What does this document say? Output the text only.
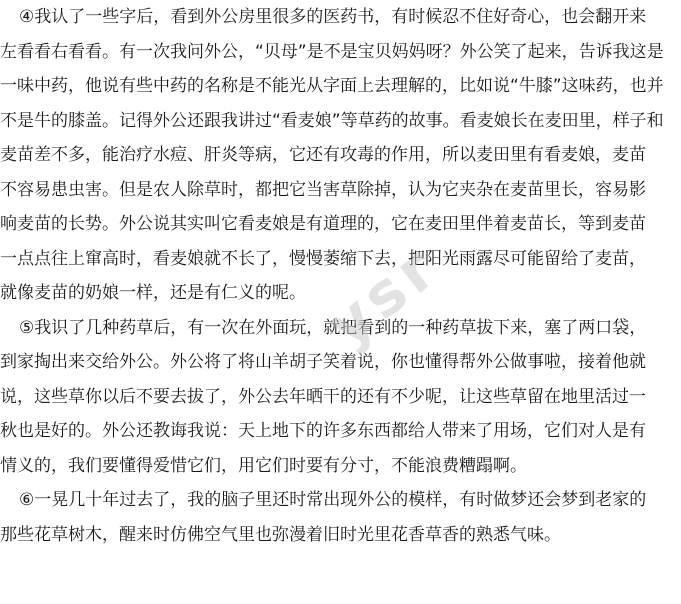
④我认了一些字后，看到外公房里很多的医药书，有时候忍不住好奇心，也会翻开来
左看看右看看。有一次我问外公，“贝母”是不是宝贝妈妈呀？外公笑了起来，告诉我这是
一味中药，他说有些中药的名称是不能光从字面上去理解的，比如说“牛膝”这味药，也并
不是牛的膝盖。记得外公还跟我讲过“看麦娘”等草药的故事。看麦娘长在麦田里，样子和
麦苗差不多，能治疗水痘、肝炎等病，它还有攻毒的作用，所以麦田里有看麦娘，麦苗
不容易患虫害。但是农人除草时，都把它当害草除掉，认为它夹杂在麦苗里长，容易影
响麦苗的长势。外公说其实叫它看麦娘是有道理的，它在麦田里伴着麦苗长，等到麦苗
一点点往上窜高时，看麦娘就不长了，慢慢萎缩下去，把阳光雨露尽可能留给了麦苗，
就像麦苗的奶娘一样，还是有仁义的呢。
⑤我识了几种药草后，有一次在外面玩，就把看到的一种药草拔下来，塞了两口袋，
到家掏出来交给外公。外公将了将山羊胡子笑着说，你也懂得帮外公做事啦，接着他就
说，这些草你以后不要去拔了，外公去年晒干的还有不少呢，让这些草留在地里活过一
秋也是好的。外公还教诲我说：天上地下的许多东西都给人带来了用场，它们对人是有
情义的，我们要懂得爱惜它们，用它们时要有分寸，不能浪费糟蹋啊。
⑥一晃几十年过去了，我的脑子里还时常出现外公的模样，有时做梦还会梦到老家的
那些花草树木，醒来时仿佛空气里也弥漫着旧时光里花香草香的熟悉气味。
ysr
